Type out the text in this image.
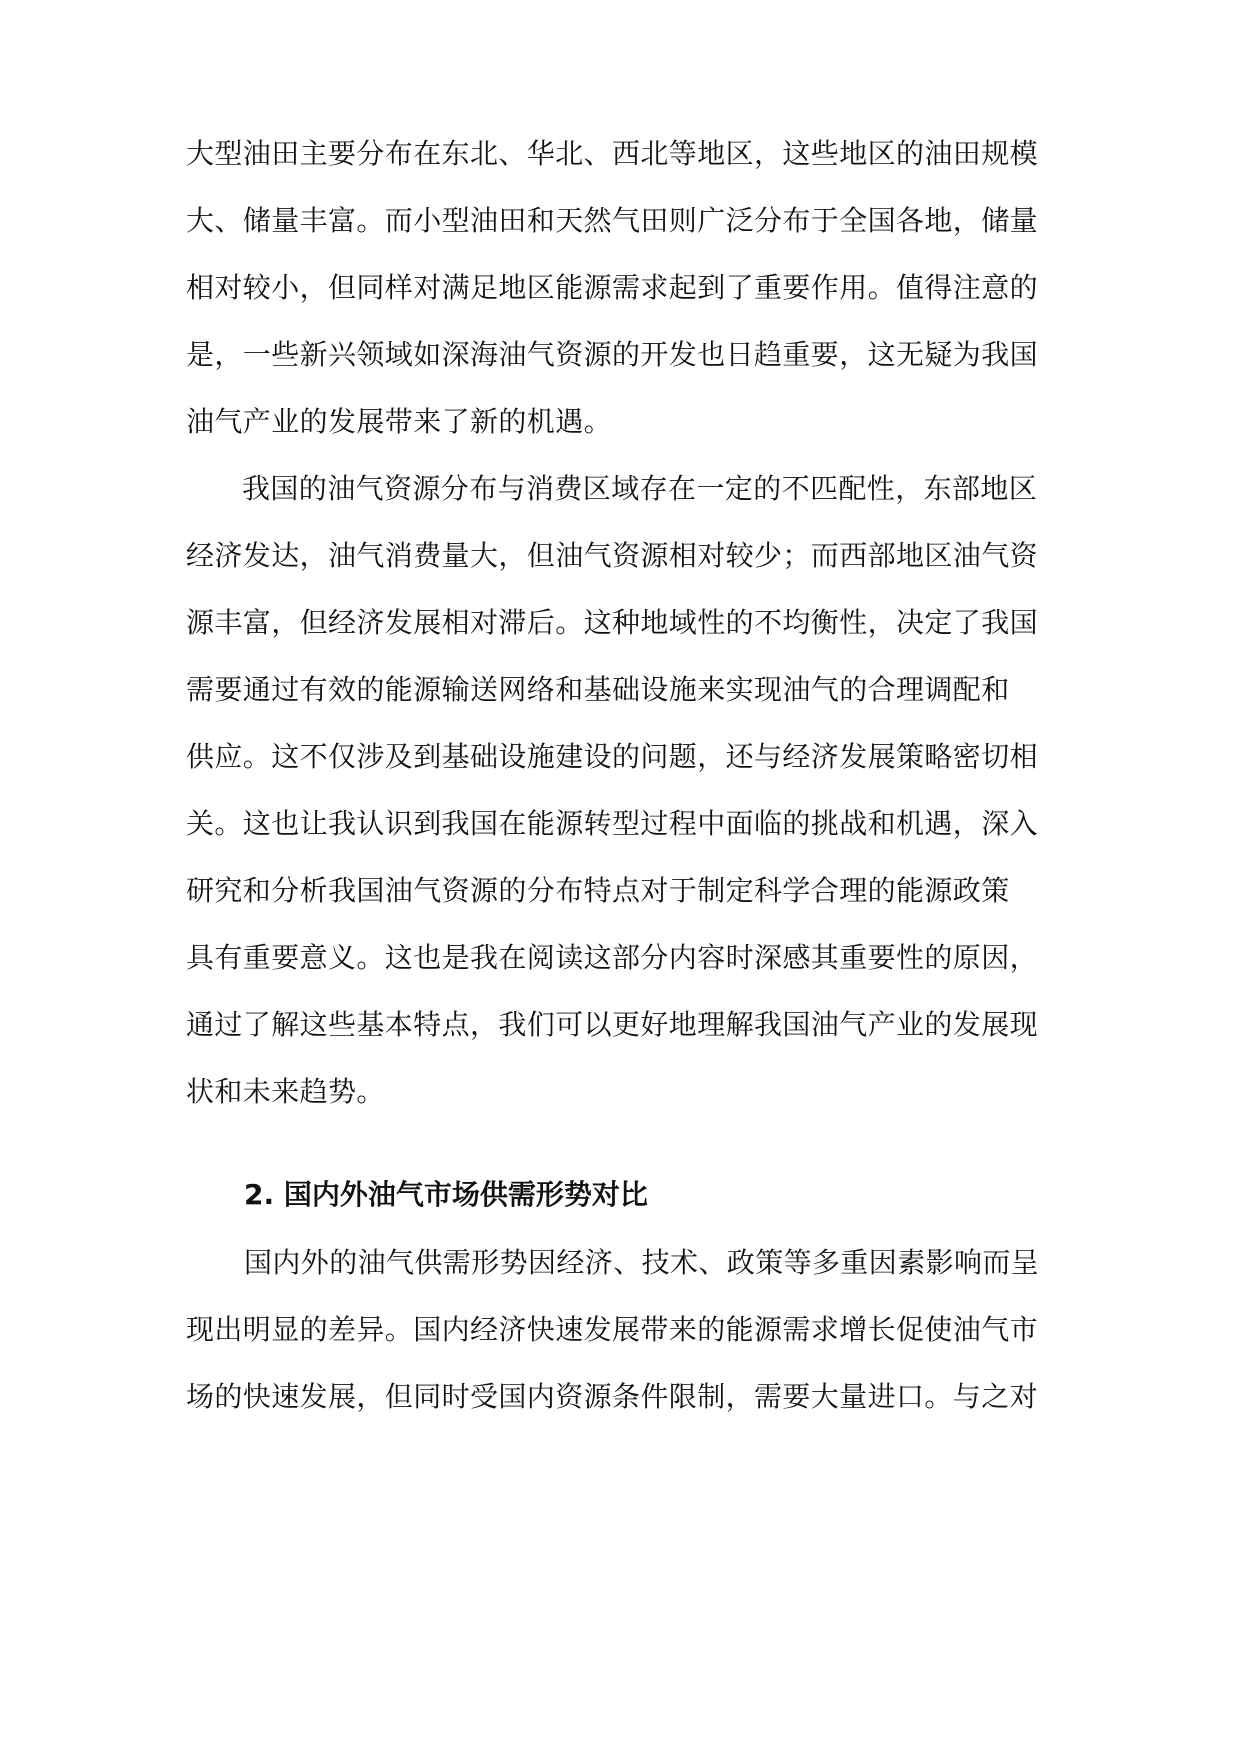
大型油田主要分布在东北、华北、西北等地区，这些地区的油田规模
大、储量丰富。而小型油田和天然气田则广泛分布于全国各地，储量
相对较小，但同样对满足地区能源需求起到了重要作用。值得注意的
是，一些新兴领域如深海油气资源的开发也日趋重要，这无疑为我国
油气产业的发展带来了新的机遇。
我国的油气资源分布与消费区域存在一定的不匹配性，东部地区
经济发达，油气消费量大，但油气资源相对较少；而西部地区油气资
源丰富，但经济发展相对滞后。这种地域性的不均衡性，决定了我国
需要通过有效的能源输送网络和基础设施来实现油气的合理调配和
供应。这不仅涉及到基础设施建设的问题，还与经济发展策略密切相
关。这也让我认识到我国在能源转型过程中面临的挑战和机遇，深入
研究和分析我国油气资源的分布特点对于制定科学合理的能源政策
具有重要意义。这也是我在阅读这部分内容时深感其重要性的原因，
通过了解这些基本特点，我们可以更好地理解我国油气产业的发展现
状和未来趋势。
2. 国内外油气市场供需形势对比
国内外的油气供需形势因经济、技术、政策等多重因素影响而呈
现出明显的差异。国内经济快速发展带来的能源需求增长促使油气市
场的快速发展，但同时受国内资源条件限制，需要大量进口。与之对
